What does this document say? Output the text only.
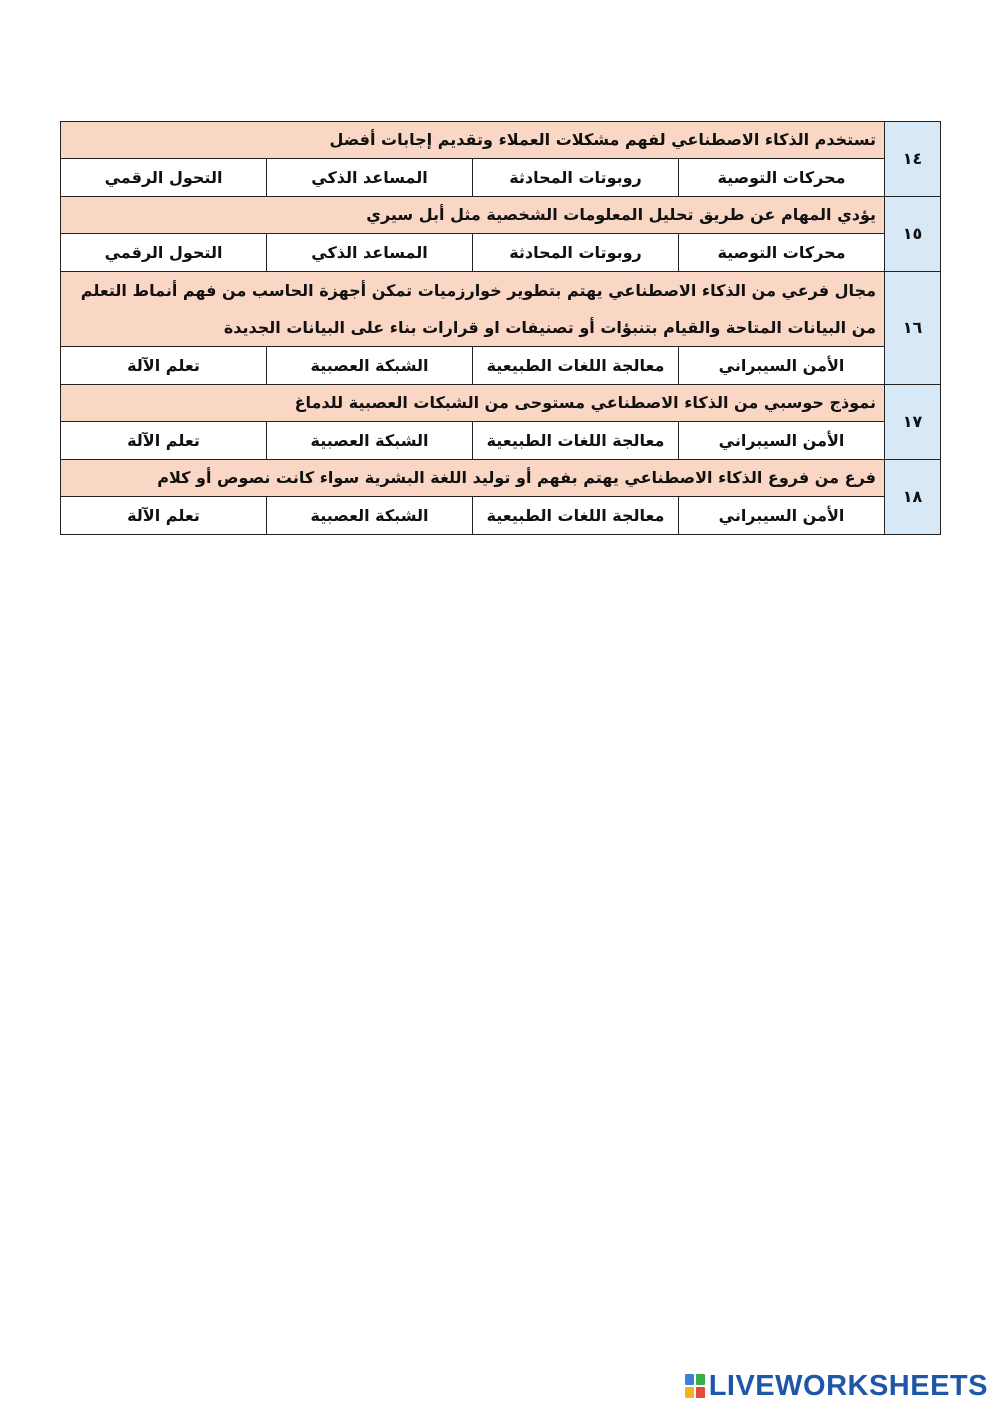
١٤	تستخدم الذكاء الاصطناعي لفهم مشكلات العملاء وتقديم إجابات أفضل			
	محركات التوصية	روبوتات المحادثة	المساعد الذكي	التحول الرقمي
١٥	يؤدي المهام عن طريق تحليل المعلومات الشخصية مثل أبل سيري			
	محركات التوصية	روبوتات المحادثة	المساعد الذكي	التحول الرقمي
١٦	مجال فرعي من الذكاء الاصطناعي يهتم بتطوير خوارزميات تمكن أجهزة الحاسب من فهم أنماط التعلم من البيانات المتاحة والقيام بتنبؤات أو تصنيفات او قرارات بناء على البيانات الجديدة			
	الأمن السيبراني	معالجة اللغات الطبيعية	الشبكة العصبية	تعلم الآلة
١٧	نموذج حوسبي من الذكاء الاصطناعي مستوحى من الشبكات العصبية للدماغ			
	الأمن السيبراني	معالجة اللغات الطبيعية	الشبكة العصبية	تعلم الآلة
١٨	فرع من فروع الذكاء الاصطناعي يهتم بفهم أو توليد اللغة البشرية سواء كانت نصوص أو كلام			
	الأمن السيبراني	معالجة اللغات الطبيعية	الشبكة العصبية	تعلم الآلة
LIVEWORKSHEETS
